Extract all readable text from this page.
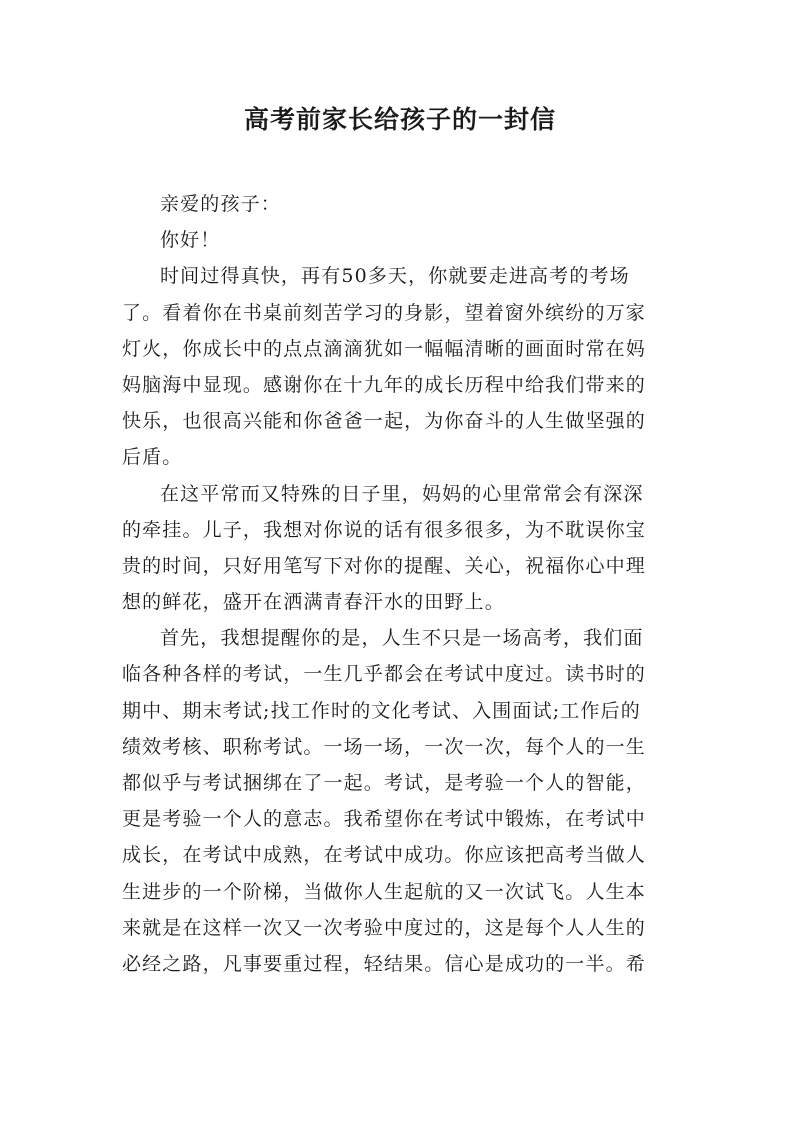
高考前家长给孩子的一封信
亲爱的孩子：
你好！
时间过得真快，再有50多天，你就要走进高考的考场
了。看着你在书桌前刻苦学习的身影，望着窗外缤纷的万家
灯火，你成长中的点点滴滴犹如一幅幅清晰的画面时常在妈
妈脑海中显现。感谢你在十九年的成长历程中给我们带来的
快乐，也很高兴能和你爸爸一起，为你奋斗的人生做坚强的
后盾。
在这平常而又特殊的日子里，妈妈的心里常常会有深深
的牵挂。儿子，我想对你说的话有很多很多，为不耽误你宝
贵的时间，只好用笔写下对你的提醒、关心，祝福你心中理
想的鲜花，盛开在洒满青春汗水的田野上。
首先，我想提醒你的是，人生不只是一场高考，我们面
临各种各样的考试，一生几乎都会在考试中度过。读书时的
期中、期末考试;找工作时的文化考试、入围面试;工作后的
绩效考核、职称考试。一场一场，一次一次，每个人的一生
都似乎与考试捆绑在了一起。考试，是考验一个人的智能，
更是考验一个人的意志。我希望你在考试中锻炼，在考试中
成长，在考试中成熟，在考试中成功。你应该把高考当做人
生进步的一个阶梯，当做你人生起航的又一次试飞。人生本
来就是在这样一次又一次考验中度过的，这是每个人人生的
必经之路，凡事要重过程，轻结果。信心是成功的一半。希
